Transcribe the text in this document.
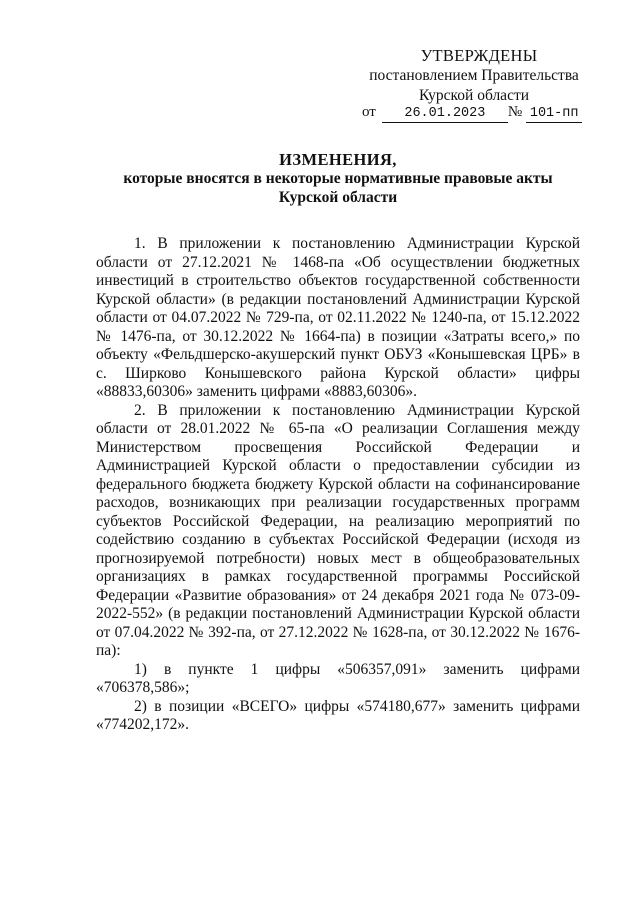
УТВЕРЖДЕНЫ
постановлением Правительства
Курской области
от 26.01.2023 № 101-пп
ИЗМЕНЕНИЯ,
которые вносятся в некоторые нормативные правовые акты
Курской области

1. В приложении к постановлению Администрации Курской области от 27.12.2021 № 1468-па «Об осуществлении бюджетных инвестиций в строительство объектов государственной собственности Курской области» (в редакции постановлений Администрации Курской области от 04.07.2022 № 729-па, от 02.11.2022 № 1240-па, от 15.12.2022 № 1476-па, от 30.12.2022 № 1664-па) в позиции «Затраты всего,» по объекту «Фельдшерско-акушерский пункт ОБУЗ «Конышевская ЦРБ» в с. Ширково Конышевского района Курской области» цифры «88833,60306» заменить цифрами «8883,60306».

2. В приложении к постановлению Администрации Курской области от 28.01.2022 № 65-па «О реализации Соглашения между Министерством просвещения Российской Федерации и Администрацией Курской области о предоставлении субсидии из федерального бюджета бюджету Курской области на софинансирование расходов, возникающих при реализации государственных программ субъектов Российской Федерации, на реализацию мероприятий по содействию созданию в субъектах Российской Федерации (исходя из прогнозируемой потребности) новых мест в общеобразовательных организациях в рамках государственной программы Российской Федерации «Развитие образования» от 24 декабря 2021 года № 073-09-2022-552» (в редакции постановлений Администрации Курской области от 07.04.2022 № 392-па, от 27.12.2022 № 1628-па, от 30.12.2022 № 1676-па):

1) в пункте 1 цифры «506357,091» заменить цифрами «706378,586»;

2) в позиции «ВСЕГО» цифры «574180,677» заменить цифрами «774202,172».
